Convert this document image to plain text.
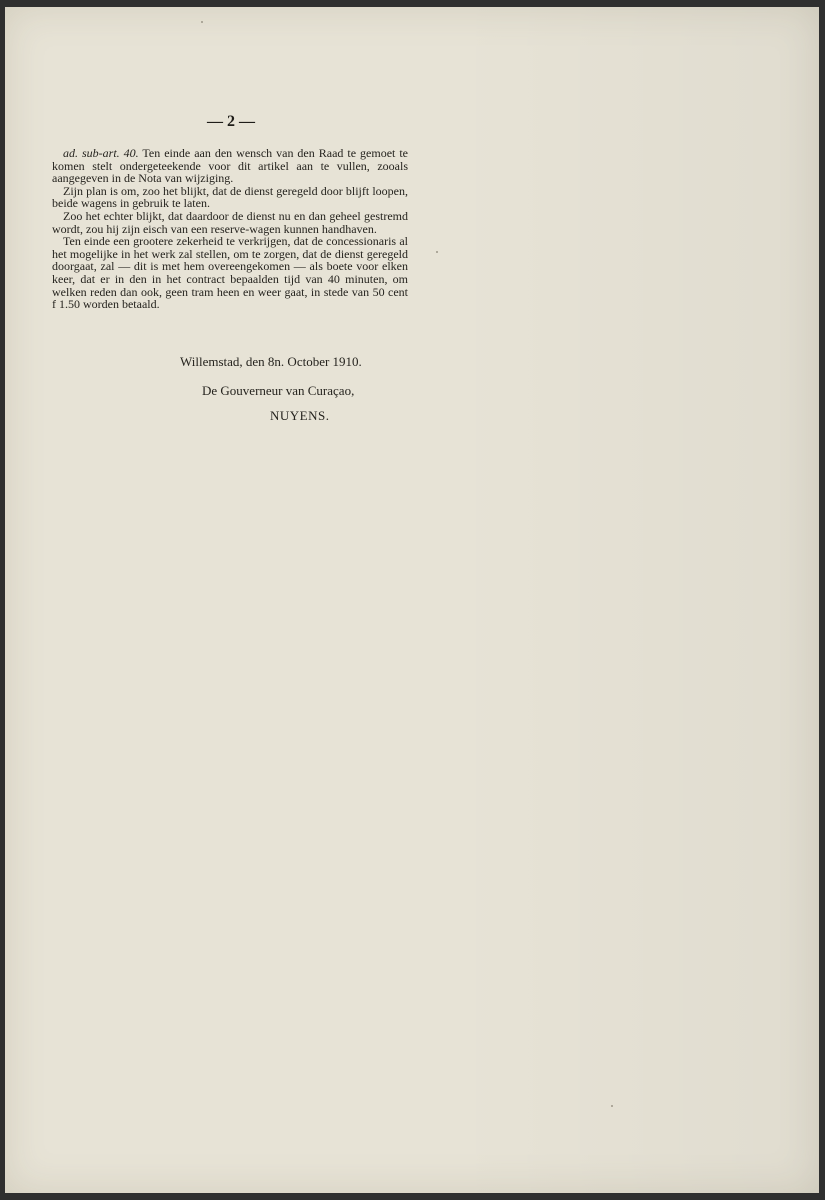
— 2 —

ad. sub-art. 40. Ten einde aan den wensch van den Raad te gemoet te komen stelt ondergeteekende voor dit artikel aan te vullen, zooals aangegeven in de Nota van wijziging.

Zijn plan is om, zoo het blijkt, dat de dienst geregeld door blijft loopen, beide wagens in gebruik te laten.

Zoo het echter blijkt, dat daardoor de dienst nu en dan geheel gestremd wordt, zou hij zijn eisch van een reserve-wagen kunnen handhaven.

Ten einde een grootere zekerheid te verkrijgen, dat de concessionaris al het mogelijke in het werk zal stellen, om te zorgen, dat de dienst geregeld doorgaat, zal — dit is met hem overeengekomen — als boete voor elken keer, dat er in den in het contract bepaalden tijd van 40 minuten, om welken reden dan ook, geen tram heen en weer gaat, in stede van 50 cent f 1.50 worden betaald.

Willemstad, den 8n. October 1910.
De Gouverneur van Curaçao,
NUYENS.
